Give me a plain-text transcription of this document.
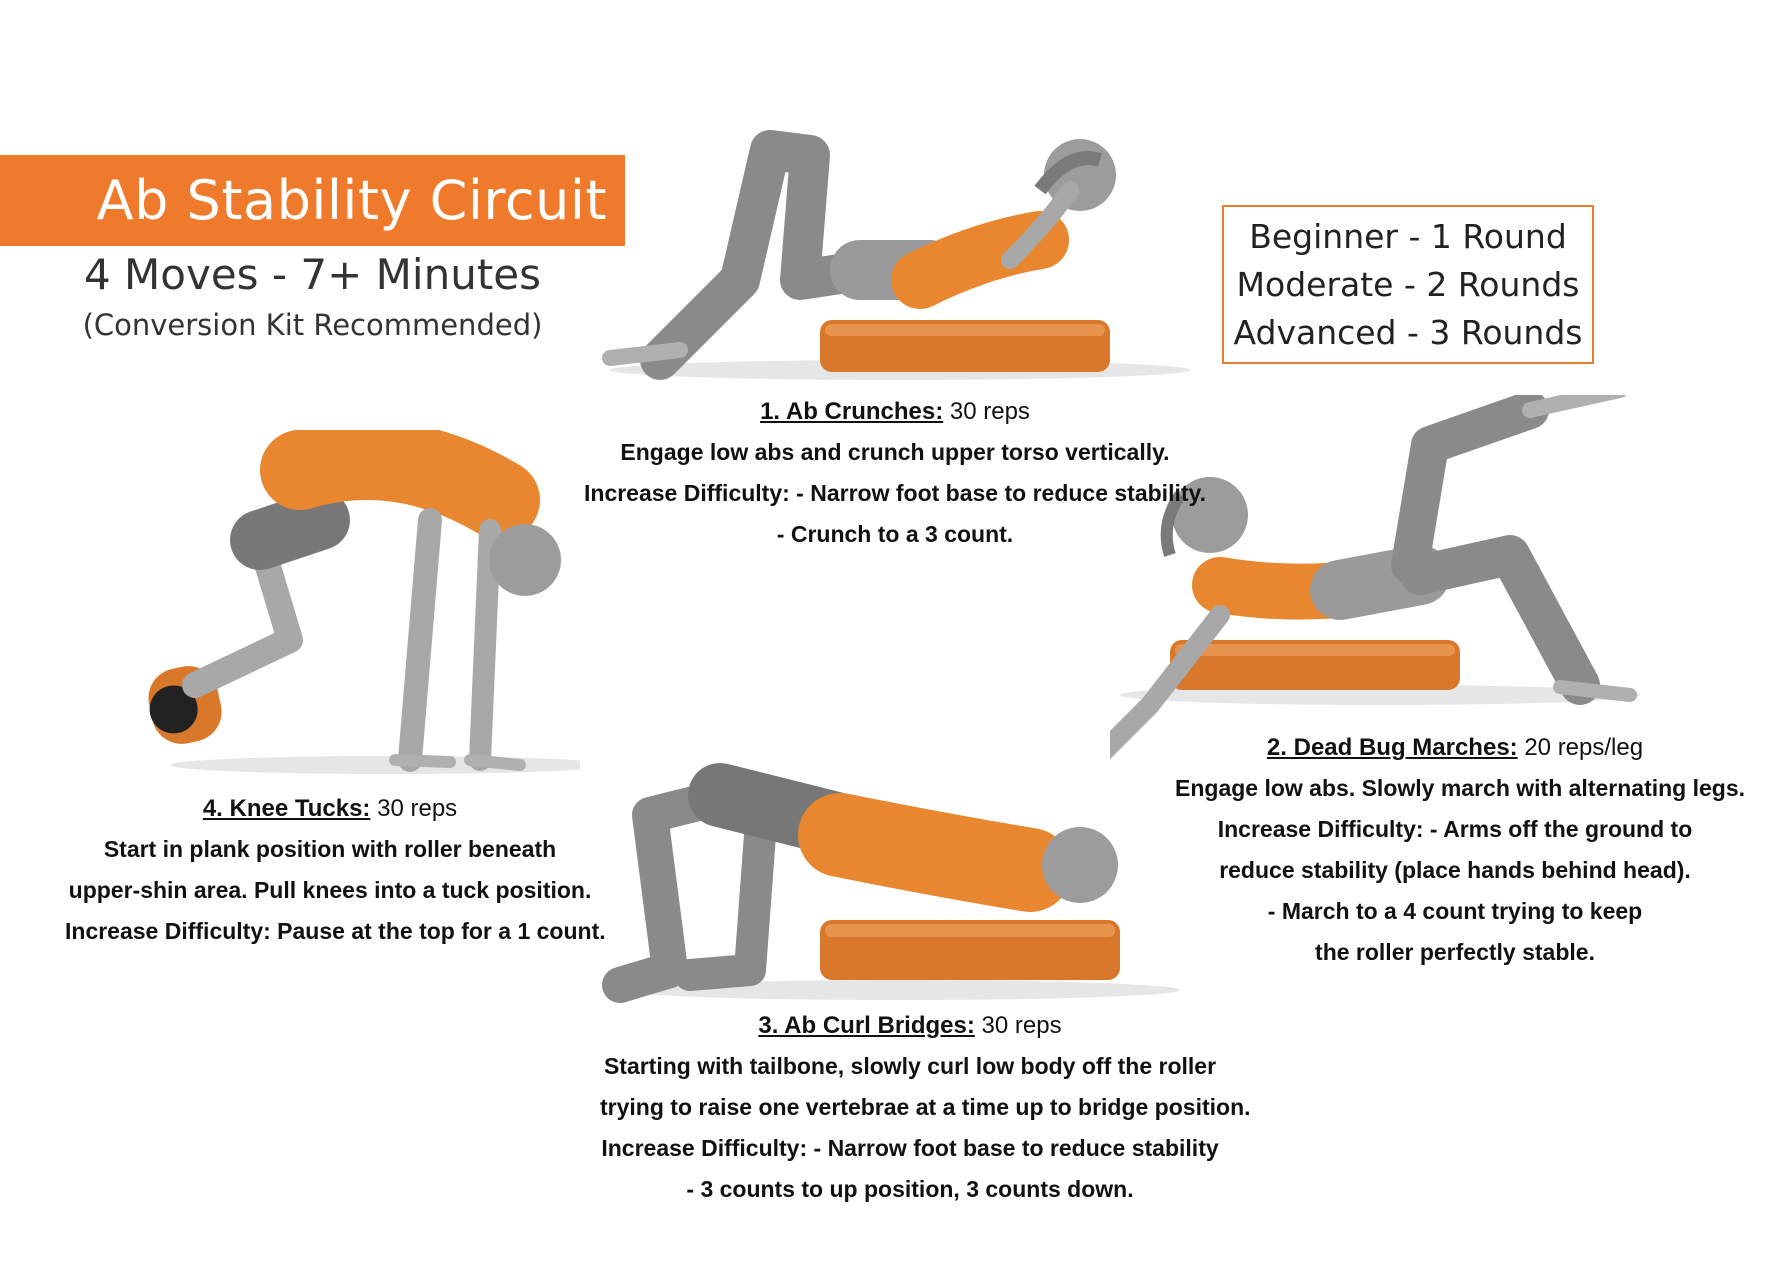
Ab Stability Circuit
4 Moves - 7+ Minutes
(Conversion Kit Recommended)
Beginner - 1 Round
Moderate - 2 Rounds
Advanced - 3 Rounds
1. Ab Crunches: 30 reps
Engage low abs and crunch upper torso vertically.
Increase Difficulty: - Narrow foot base to reduce stability.
- Crunch to a 3 count.
4. Knee Tucks: 30 reps
Start in plank position with roller beneath
upper-shin area. Pull knees into a tuck position.
Increase Difficulty: Pause at the top for a 1 count.
2. Dead Bug Marches: 20 reps/leg
Engage low abs. Slowly march with alternating legs.
Increase Difficulty: - Arms off the ground to
reduce stability (place hands behind head).
- March to a 4 count trying to keep
the roller perfectly stable.
3. Ab Curl Bridges: 30 reps
Starting with tailbone, slowly curl low body off the roller
trying to raise one vertebrae at a time up to bridge position.
Increase Difficulty: - Narrow foot base to reduce stability
- 3 counts to up position, 3 counts down.
